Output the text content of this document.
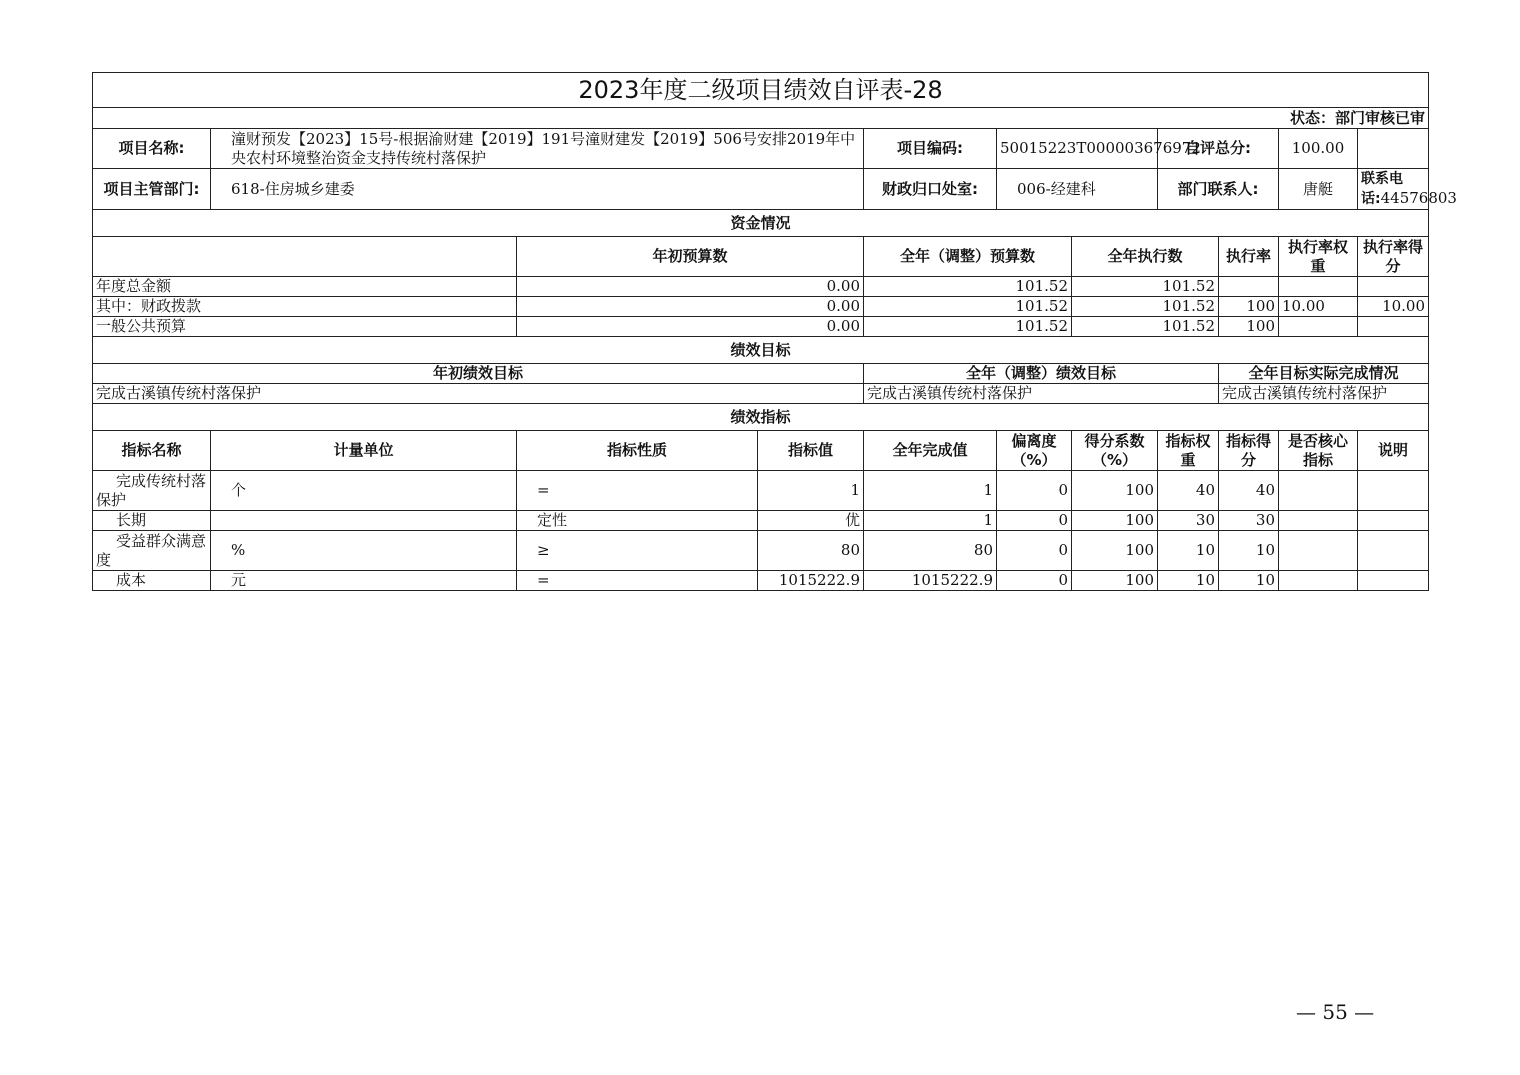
2023年度二级项目绩效自评表-28										
状态：部门审核已审										
项目名称:	潼财预发【2023】15号-根据渝财建【2019】191号潼财建发【2019】506号安排2019年中央农村环境整治资金支持传统村落保护			项目编码:	50015223T000003676972		自评总分:		100.00	
项目主管部门:	618-住房城乡建委			财政归口处室:	006-经建科		部门联系人:		唐艇	联系电话:44576803
资金情况										
		年初预算数		全年（调整）预算数		全年执行数		执行率	执行率权重	执行率得分
年度总金额		0.00		101.52		101.52				
其中：财政拨款		0.00		101.52		101.52		100	10.00	10.00
一般公共预算		0.00		101.52		101.52		100		
绩效目标										
年初绩效目标				全年（调整）绩效目标				全年目标实际完成情况		
完成古溪镇传统村落保护				完成古溪镇传统村落保护				完成古溪镇传统村落保护		
绩效指标										
指标名称	计量单位	指标性质	指标值	全年完成值	偏离度（%）	得分系数（%）	指标权重	指标得分	是否核心指标	说明
完成传统村落保护	个	=	1	1	0	100	40	40		
长期		定性	优	1	0	100	30	30		
受益群众满意度	%	≥	80	80	0	100	10	10		
成本	元	=	1015222.9	1015222.9	0	100	10	10		
— 55 —
